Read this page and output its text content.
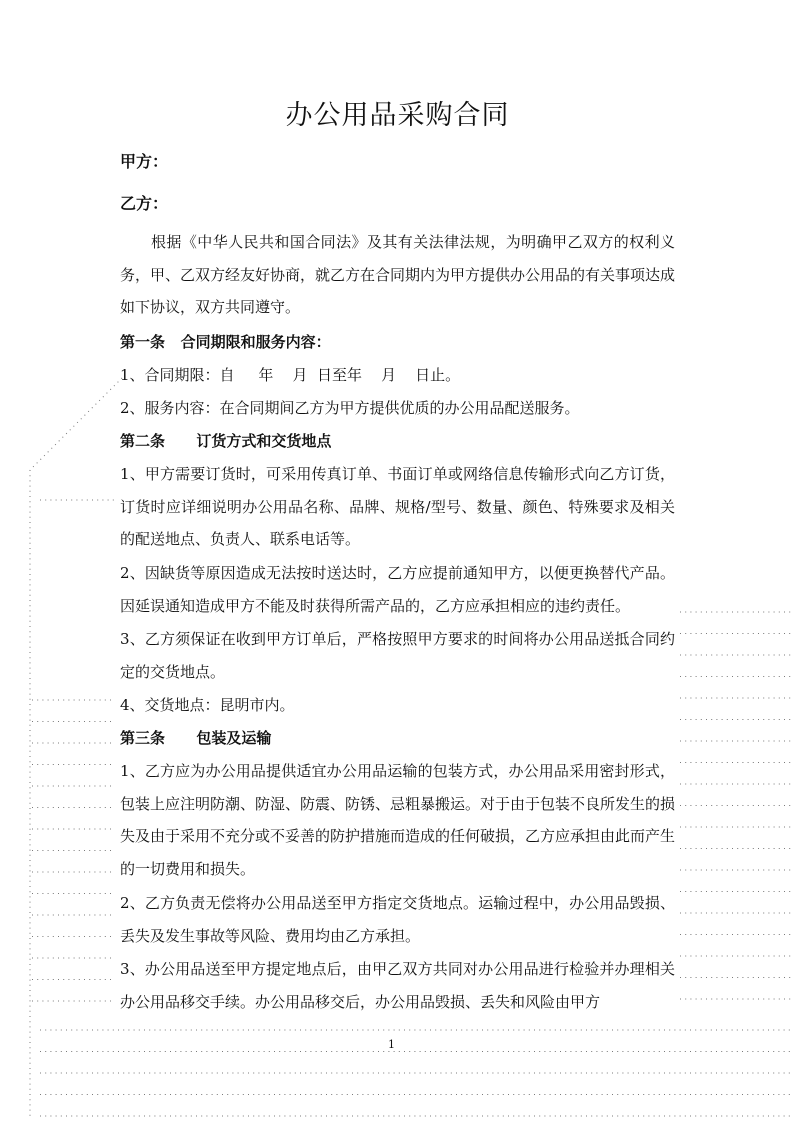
办公用品采购合同
甲方：
乙方：
根据《中华人民共和国合同法》及其有关法律法规，为明确甲乙双方的权利义务，甲、乙双方经友好协商，就乙方在合同期内为甲方提供办公用品的有关事项达成如下协议，双方共同遵守。
第一条   合同期限和服务内容：
1、合同期限：自     年    月  日至年    月    日止。
2、服务内容：在合同期间乙方为甲方提供优质的办公用品配送服务。
第二条      订货方式和交货地点
1、甲方需要订货时，可采用传真订单、书面订单或网络信息传输形式向乙方订货，订货时应详细说明办公用品名称、品牌、规格/型号、数量、颜色、特殊要求及相关的配送地点、负责人、联系电话等。
2、因缺货等原因造成无法按时送达时，乙方应提前通知甲方，以便更换替代产品。因延误通知造成甲方不能及时获得所需产品的，乙方应承担相应的违约责任。
3、乙方须保证在收到甲方订单后，严格按照甲方要求的时间将办公用品送抵合同约定的交货地点。
4、交货地点：昆明市内。
第三条      包装及运输
1、乙方应为办公用品提供适宜办公用品运输的包装方式，办公用品采用密封形式，包装上应注明防潮、防湿、防震、防锈、忌粗暴搬运。对于由于包装不良所发生的损失及由于采用不充分或不妥善的防护措施而造成的任何破损，乙方应承担由此而产生的一切费用和损失。
2、乙方负责无偿将办公用品送至甲方指定交货地点。运输过程中，办公用品毁损、丢失及发生事故等风险、费用均由乙方承担。
3、办公用品送至甲方提定地点后，由甲乙双方共同对办公用品进行检验并办理相关办公用品移交手续。办公用品移交后，办公用品毁损、丢失和风险由甲方
1
